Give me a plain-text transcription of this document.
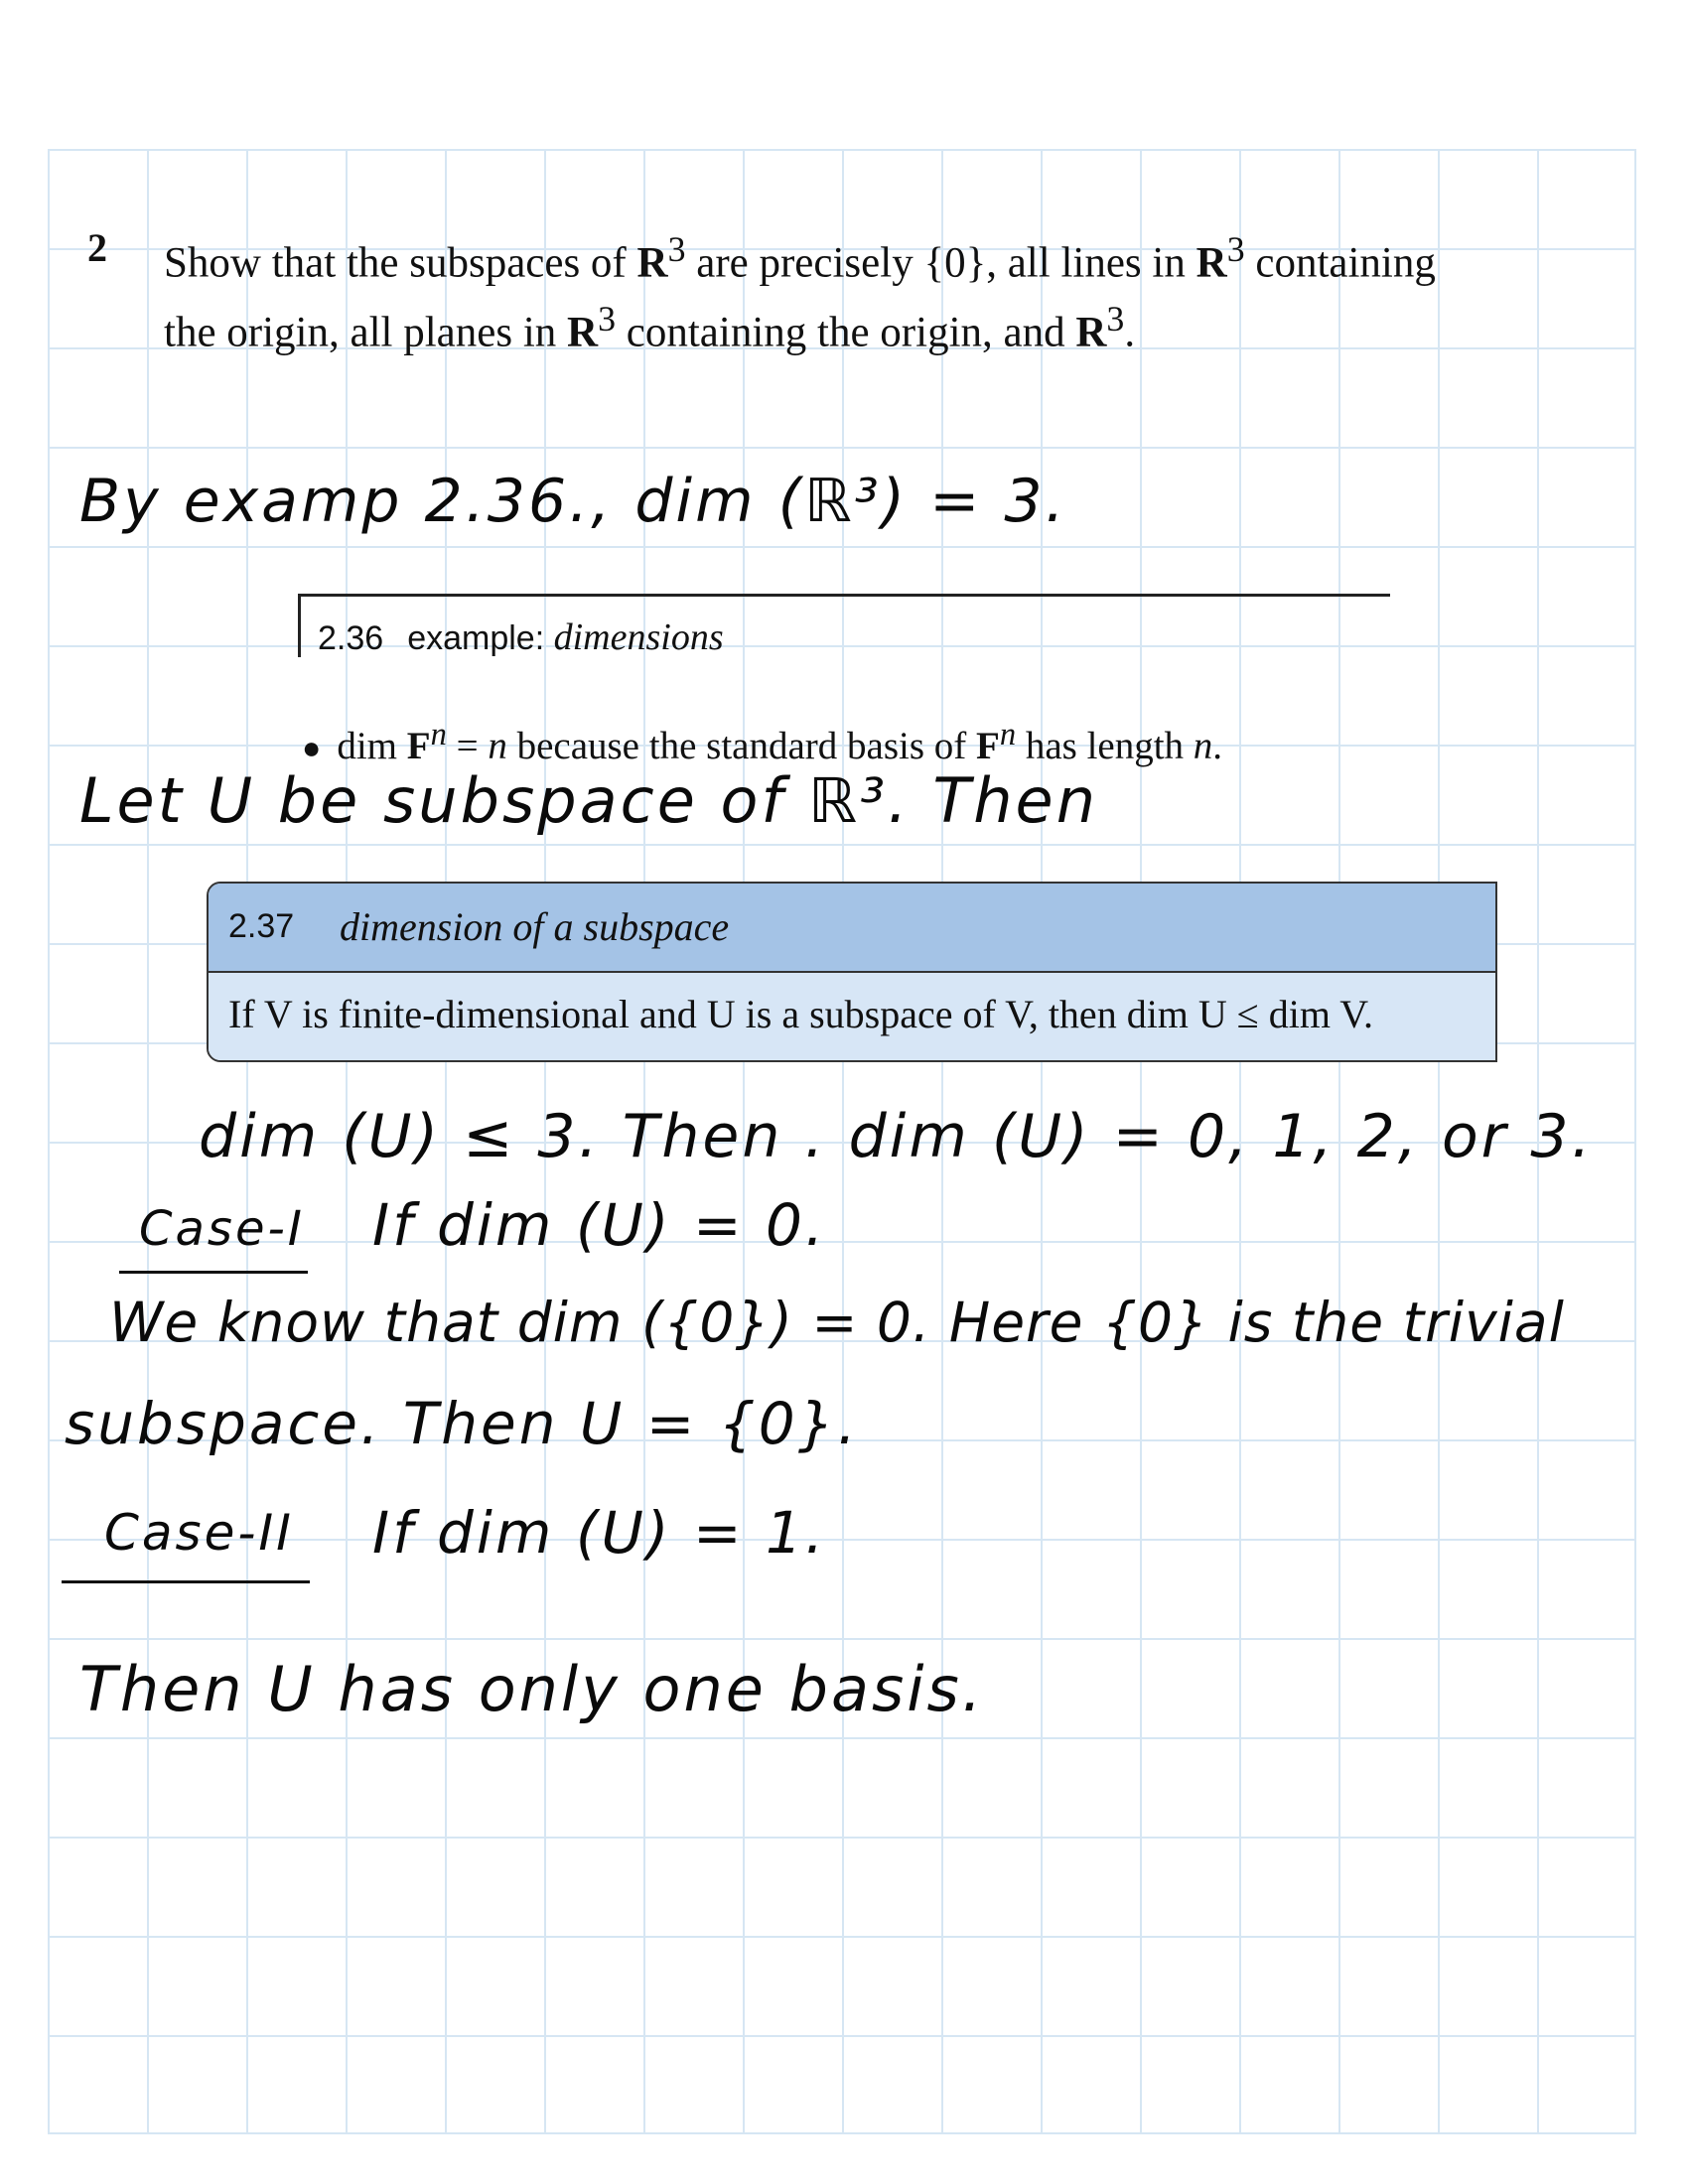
2 Show that the subspaces of $R^3$ are precisely {0}, all lines in $R^3$ containing
the origin, all planes in $R^3$ containing the origin, and $R^3$.
By examp 2.36., dim (ℝ³) = 3.
2.36 example: dimensions
● dim $F^n = n$ because the standard basis of $F^n$ has length n.
Let U be subspace of ℝ³. Then
2.37 dimension of a subspace
If V is finite-dimensional and U is a subspace of V, then dim U ≤ dim V.
dim (U) ≤ 3. Then . dim (U) = 0, 1, 2, or 3.
Case-I If dim (U) = 0.
We know that dim ({0}) = 0. Here {0} is the trivial
subspace. Then U = {0}.
Case-II If dim (U) = 1.
Then U has only one basis.
